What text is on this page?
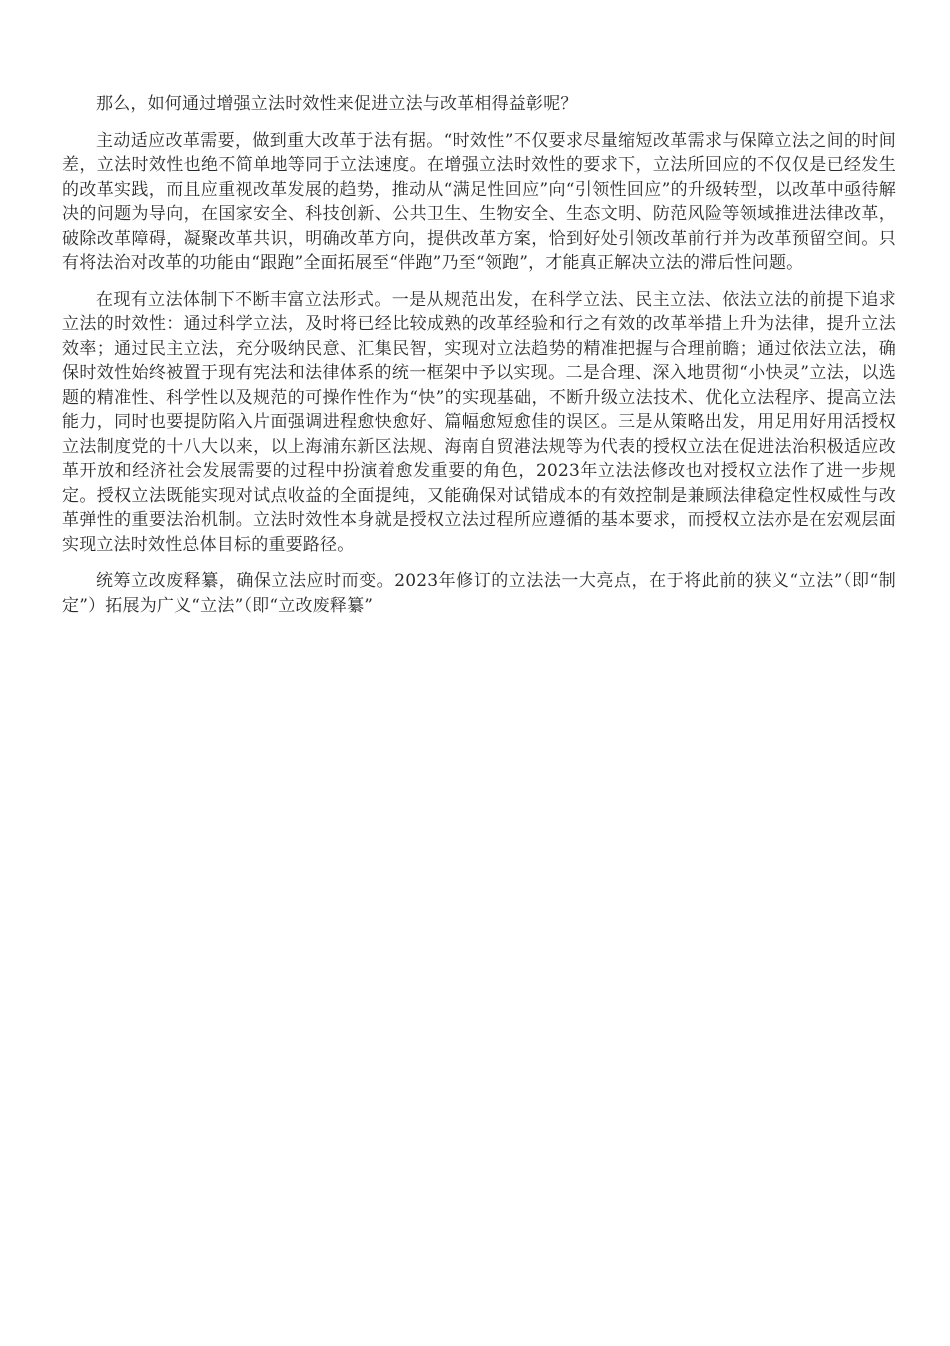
那么，如何通过增强立法时效性来促进立法与改革相得益彰呢？

主动适应改革需要，做到重大改革于法有据。“时效性”不仅要求尽量缩短改革需求与保障立法之间的时间差，立法时效性也绝不简单地等同于立法速度。在增强立法时效性的要求下，立法所回应的不仅仅是已经发生的改革实践，而且应重视改革发展的趋势，推动从“满足性回应”向“引领性回应”的升级转型，以改革中亟待解决的问题为导向，在国家安全、科技创新、公共卫生、生物安全、生态文明、防范风险等领域推进法律改革，破除改革障碍，凝聚改革共识，明确改革方向，提供改革方案，恰到好处引领改革前行并为改革预留空间。只有将法治对改革的功能由“跟跑”全面拓展至“伴跑”乃至“领跑”，才能真正解决立法的滞后性问题。

在现有立法体制下不断丰富立法形式。一是从规范出发，在科学立法、民主立法、依法立法的前提下追求立法的时效性：通过科学立法，及时将已经比较成熟的改革经验和行之有效的改革举措上升为法律，提升立法效率；通过民主立法，充分吸纳民意、汇集民智，实现对立法趋势的精准把握与合理前瞻；通过依法立法，确保时效性始终被置于现有宪法和法律体系的统一框架中予以实现。二是合理、深入地贯彻“小快灵”立法，以选题的精准性、科学性以及规范的可操作性作为“快”的实现基础，不断升级立法技术、优化立法程序、提高立法能力，同时也要提防陷入片面强调进程愈快愈好、篇幅愈短愈佳的误区。三是从策略出发，用足用好用活授权立法制度党的十八大以来，以上海浦东新区法规、海南自贸港法规等为代表的授权立法在促进法治积极适应改革开放和经济社会发展需要的过程中扮演着愈发重要的角色，2023年立法法修改也对授权立法作了进一步规定。授权立法既能实现对试点收益的全面提纯，又能确保对试错成本的有效控制是兼顾法律稳定性权威性与改革弹性的重要法治机制。立法时效性本身就是授权立法过程所应遵循的基本要求，而授权立法亦是在宏观层面实现立法时效性总体目标的重要路径。

统筹立改废释纂，确保立法应时而变。2023年修订的立法法一大亮点，在于将此前的狭义“立法”（即“制定”）拓展为广义“立法”（即“立改废释纂”
